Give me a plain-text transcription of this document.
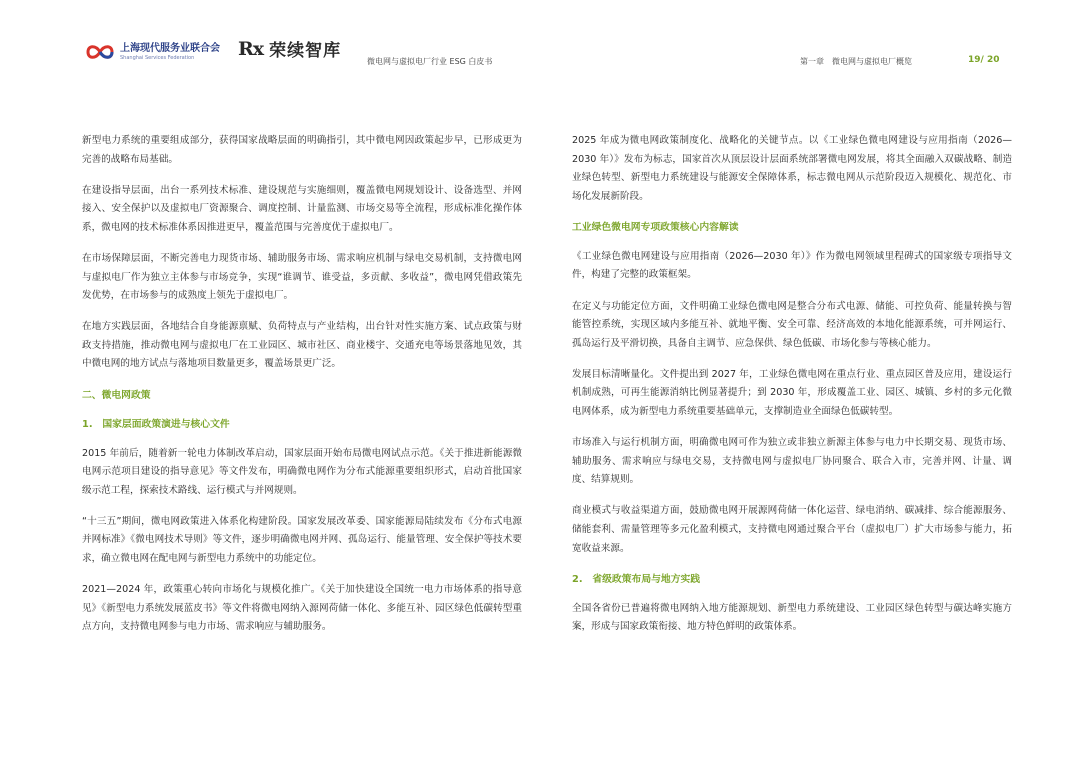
上海现代服务业联合会
Shanghai Services Federation	Rx 荣续智库
微电网与虚拟电厂行业 ESG 白皮书	第一章　微电网与虚拟电厂概览	19/ 20

新型电力系统的重要组成部分，获得国家战略层面的明确指引，其中微电网因政策起步早，已形成更为完善的战略布局基础。

在建设指导层面，出台一系列技术标准、建设规范与实施细则，覆盖微电网规划设计、设备选型、并网接入、安全保护以及虚拟电厂资源聚合、调度控制、计量监测、市场交易等全流程，形成标准化操作体系，微电网的技术标准体系因推进更早，覆盖范围与完善度优于虚拟电厂。

在市场保障层面，不断完善电力现货市场、辅助服务市场、需求响应机制与绿电交易机制，支持微电网与虚拟电厂作为独立主体参与市场竞争，实现“谁调节、谁受益，多贡献、多收益”，微电网凭借政策先发优势，在市场参与的成熟度上领先于虚拟电厂。

在地方实践层面，各地结合自身能源禀赋、负荷特点与产业结构，出台针对性实施方案、试点政策与财政支持措施，推动微电网与虚拟电厂在工业园区、城市社区、商业楼宇、交通充电等场景落地见效，其中微电网的地方试点与落地项目数量更多，覆盖场景更广泛。

二、微电网政策
1.　国家层面政策演进与核心文件

2015 年前后，随着新一轮电力体制改革启动，国家层面开始布局微电网试点示范。《关于推进新能源微电网示范项目建设的指导意见》等文件发布，明确微电网作为分布式能源重要组织形式，启动首批国家级示范工程，探索技术路线、运行模式与并网规则。

“十三五”期间，微电网政策进入体系化构建阶段。国家发展改革委、国家能源局陆续发布《分布式电源并网标准》《微电网技术导则》等文件，逐步明确微电网并网、孤岛运行、能量管理、安全保护等技术要求，确立微电网在配电网与新型电力系统中的功能定位。

2021—2024 年，政策重心转向市场化与规模化推广。《关于加快建设全国统一电力市场体系的指导意见》《新型电力系统发展蓝皮书》等文件将微电网纳入源网荷储一体化、多能互补、园区绿色低碳转型重点方向，支持微电网参与电力市场、需求响应与辅助服务。

2025 年成为微电网政策制度化、战略化的关键节点。以《工业绿色微电网建设与应用指南（2026—2030 年）》发布为标志，国家首次从顶层设计层面系统部署微电网发展，将其全面融入双碳战略、制造业绿色转型、新型电力系统建设与能源安全保障体系，标志微电网从示范阶段迈入规模化、规范化、市场化发展新阶段。

工业绿色微电网专项政策核心内容解读

《工业绿色微电网建设与应用指南（2026—2030 年）》作为微电网领域里程碑式的国家级专项指导文件，构建了完整的政策框架。

在定义与功能定位方面，文件明确工业绿色微电网是整合分布式电源、储能、可控负荷、能量转换与智能管控系统，实现区域内多能互补、就地平衡、安全可靠、经济高效的本地化能源系统，可并网运行、孤岛运行及平滑切换，具备自主调节、应急保供、绿色低碳、市场化参与等核心能力。

发展目标清晰量化。文件提出到 2027 年，工业绿色微电网在重点行业、重点园区普及应用，建设运行机制成熟，可再生能源消纳比例显著提升；到 2030 年，形成覆盖工业、园区、城镇、乡村的多元化微电网体系，成为新型电力系统重要基础单元，支撑制造业全面绿色低碳转型。

市场准入与运行机制方面，明确微电网可作为独立或非独立新源主体参与电力中长期交易、现货市场、辅助服务、需求响应与绿电交易，支持微电网与虚拟电厂协同聚合、联合入市，完善并网、计量、调度、结算规则。

商业模式与收益渠道方面，鼓励微电网开展源网荷储一体化运营、绿电消纳、碳减排、综合能源服务、储能套利、需量管理等多元化盈利模式，支持微电网通过聚合平台（虚拟电厂）扩大市场参与能力，拓宽收益来源。

2.　省级政策布局与地方实践

全国各省份已普遍将微电网纳入地方能源规划、新型电力系统建设、工业园区绿色转型与碳达峰实施方案，形成与国家政策衔接、地方特色鲜明的政策体系。
